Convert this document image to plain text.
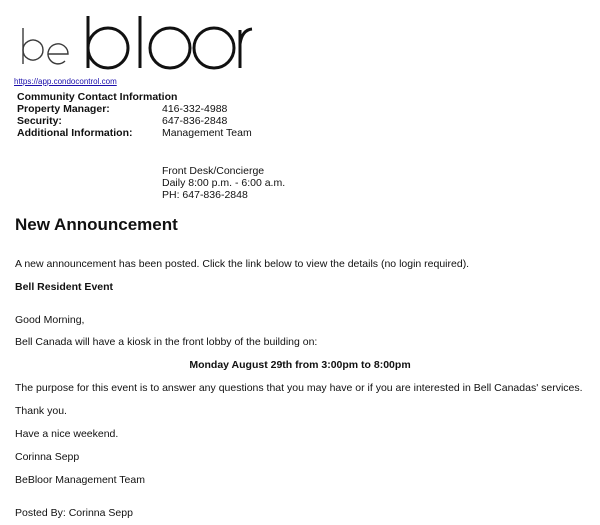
https://app.condocontrol.com
Community Contact Information
Property Manager:	416-332-4988
Security:	647-836-2848
Additional Information:	Management Team
Front Desk/Concierge
Daily 8:00 p.m. - 6:00 a.m.
PH: 647-836-2848
New Announcement

A new announcement has been posted. Click the link below to view the details (no login required).

Bell Resident Event

Good Morning,

Bell Canada will have a kiosk in the front lobby of the building on:

Monday August 29th from 3:00pm to 8:00pm

The purpose for this event is to answer any questions that you may have or if you are interested in Bell Canadas' services.

Thank you.

Have a nice weekend.

Corinna Sepp

BeBloor Management Team

Posted By: Corinna Sepp
